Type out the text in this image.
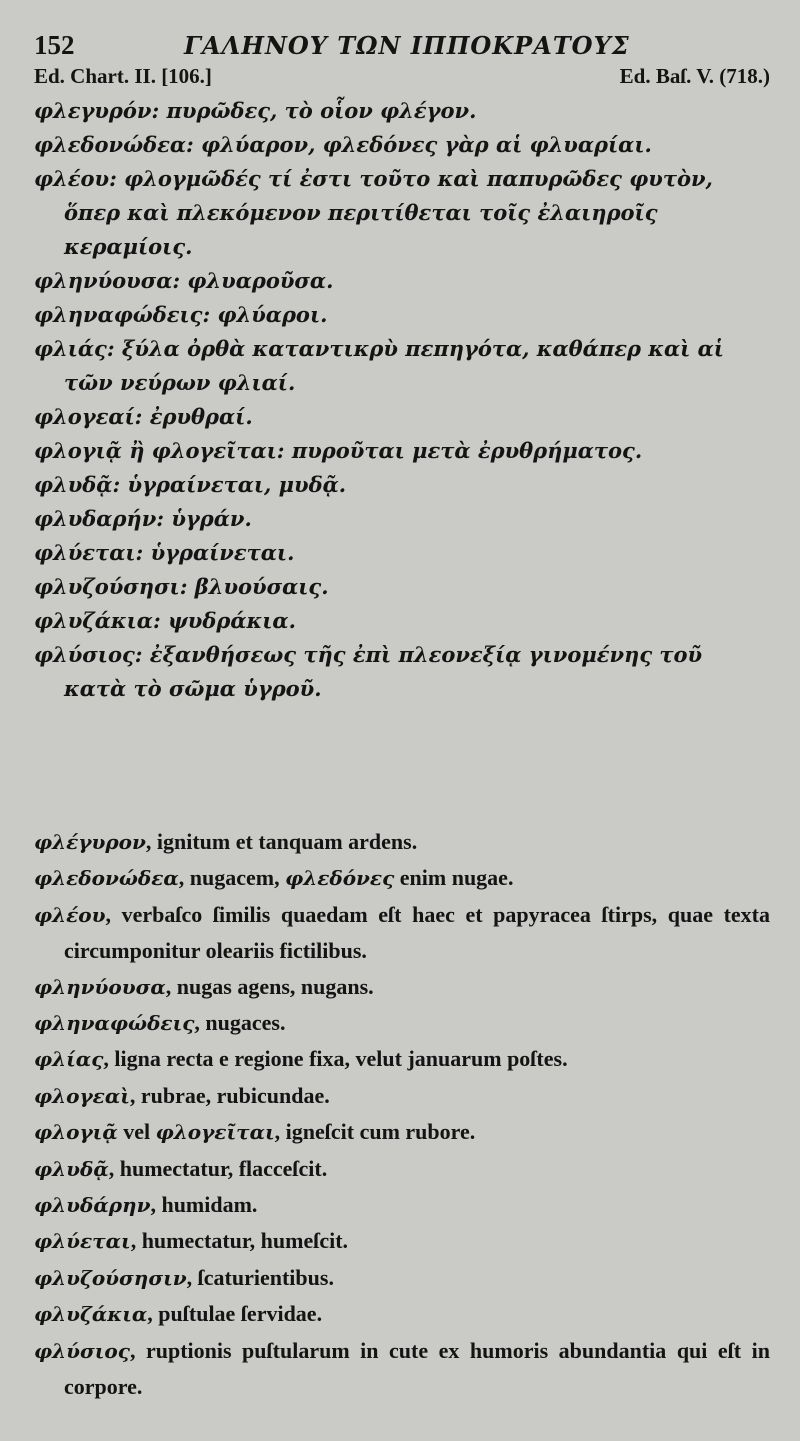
152	ΓΑΛΗΝΟΥ ΤΩΝ ΙΠΠΟΚΡΑΤΟΥΣ
Ed. Chart. II. [106.]	Ed. Baſ. V. (718.)

φλεγυρόν: πυρῶδες, τὸ οἷον φλέγον.

φλεδονώδεα: φλύαρον, φλεδόνες γὰρ αἱ φλυαρίαι.

φλέου: φλογμῶδές τί ἐστι τοῦτο καὶ παπυρῶδες φυτὸν, ὅπερ καὶ πλεκόμενον περιτίθεται τοῖς ἐλαιηροῖς κεραμίοις.

φληνύουσα: φλυαροῦσα.

φληναφώδεις: φλύαροι.

φλιάς: ξύλα ὀρθὰ καταντικρὺ πεπηγότα, καθάπερ καὶ αἱ τῶν νεύρων φλιαί.

φλογεαί: ἐρυθραί.

φλογιᾷ ἢ φλογεῖται: πυροῦται μετὰ ἐρυθρήματος.

φλυδᾷ: ὑγραίνεται, μυδᾷ.

φλυδαρήν: ὑγράν.

φλύεται: ὑγραίνεται.

φλυζούσησι: βλυούσαις.

φλυζάκια: ψυδράκια.

φλύσιος: ἐξανθήσεως τῆς ἐπὶ πλεονεξίᾳ γινομένης τοῦ κατὰ τὸ σῶμα ὑγροῦ.

φλέγυρον, ignitum et tanquam ardens.

φλεδονώδεα, nugacem, φλεδόνες enim nugae.

φλέου, verbaſco ſimilis quaedam eſt haec et papyracea ſtirps, quae texta circumponitur oleariis fictilibus.

φληνύουσα, nugas agens, nugans.

φληναφώδεις, nugaces.

φλίας, ligna recta e regione fixa, velut januarum poſtes.

φλογεαὶ, rubrae, rubicundae.

φλογιᾷ vel φλογεῖται, igneſcit cum rubore.

φλυδᾷ, humectatur, flacceſcit.

φλυδάρην, humidam.

φλύεται, humectatur, humeſcit.

φλυζούσησιν, ſcaturientibus.

φλυζάκια, puſtulae ſervidae.

φλύσιος, ruptionis puſtularum in cute ex humoris abundantia qui eſt in corpore.
